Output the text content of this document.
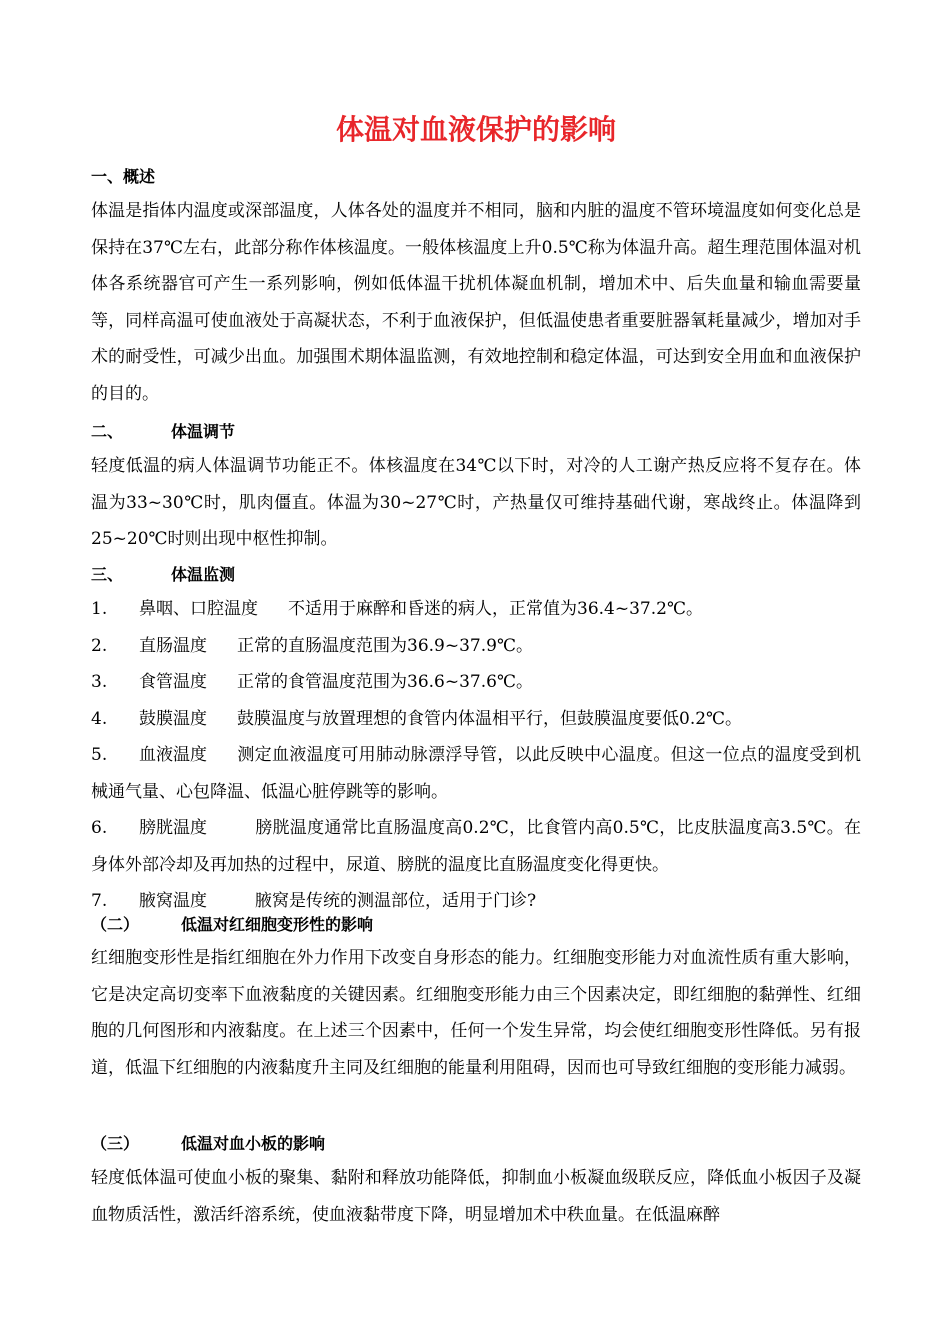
体温对血液保护的影响
一、概述

体温是指体内温度或深部温度，人体各处的温度并不相同，脑和内脏的温度不管环境温度如何变化总是保持在37℃左右，此部分称作体核温度。一般体核温度上升0.5℃称为体温升高。超生理范围体温对机体各系统器官可产生一系列影响，例如低体温干扰机体凝血机制，增加术中、后失血量和输血需要量等，同样高温可使血液处于高凝状态，不利于血液保护，但低温使患者重要脏器氧耗量减少，增加对手术的耐受性，可减少出血。加强围术期体温监测，有效地控制和稳定体温，可达到安全用血和血液保护的目的。

二、	体温调节

轻度低温的病人体温调节功能正不。体核温度在34℃以下时，对冷的人工谢产热反应将不复存在。体温为33~30℃时，肌肉僵直。体温为30~27℃时，产热量仅可维持基础代谢，寒战终止。体温降到25~20℃时则出现中枢性抑制。

三、	体温监测
1. 鼻咽、口腔温度 不适用于麻醉和昏迷的病人，正常值为36.4~37.2℃。
2. 直肠温度 正常的直肠温度范围为36.9~37.9℃。
3. 食管温度 正常的食管温度范围为36.6~37.6℃。
4. 鼓膜温度 鼓膜温度与放置理想的食管内体温相平行，但鼓膜温度要低0.2℃。
5. 血液温度 测定血液温度可用肺动脉漂浮导管，以此反映中心温度。但这一位点的温度受到机械通气量、心包降温、低温心脏停跳等的影响。
6. 膀胱温度	膀胱温度通常比直肠温度高0.2℃，比食管内高0.5℃，比皮肤温度高3.5℃。在身体外部冷却及再加热的过程中，尿道、膀胱的温度比直肠温度变化得更快。
7. 腋窝温度	腋窝是传统的测温部位，适用于门诊?
（二）	低温对红细胞变形性的影响

红细胞变形性是指红细胞在外力作用下改变自身形态的能力。红细胞变形能力对血流性质有重大影响，它是决定高切变率下血液黏度的关键因素。红细胞变形能力由三个因素决定，即红细胞的黏弹性、红细胞的几何图形和内液黏度。在上述三个因素中，任何一个发生异常，均会使红细胞变形性降低。另有报道，低温下红细胞的内液黏度升主同及红细胞的能量利用阻碍，因而也可导致红细胞的变形能力减弱。

（三）	低温对血小板的影响

轻度低体温可使血小板的聚集、黏附和释放功能降低，抑制血小板凝血级联反应，降低血小板因子及凝血物质活性，激活纤溶系统，使血液黏带度下降，明显增加术中秩血量。在低温麻醉
